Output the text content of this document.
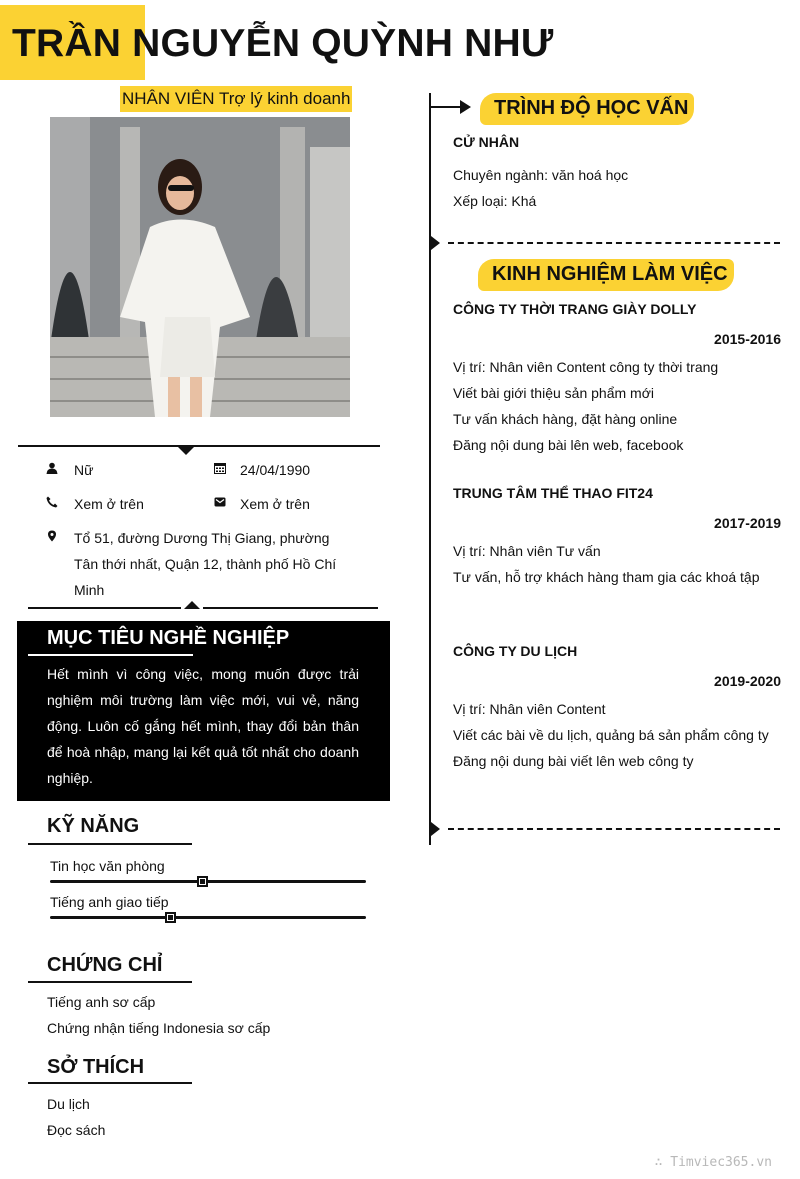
TRẦN NGUYỄN QUỲNH NHƯ
NHÂN VIÊN Trợ lý kinh doanh
Nữ	24/04/1990
Xem ở trên	Xem ở trên
Tổ 51, đường Dương Thị Giang, phường
Tân thới nhất, Quận 12, thành phố Hồ Chí
Minh
MỤC TIÊU NGHỀ NGHIỆP
Hết mình vì công việc, mong muốn được trải nghiệm môi trường làm việc mới, vui vẻ, năng động. Luôn cố gắng hết mình, thay đổi bản thân để hoà nhập, mang lại kết quả tốt nhất cho doanh nghiệp.
KỸ NĂNG
Tin học văn phòng
Tiếng anh giao tiếp
CHỨNG CHỈ
Tiếng anh sơ cấp
Chứng nhận tiếng Indonesia sơ cấp
SỞ THÍCH
Du lịch
Đọc sách
TRÌNH ĐỘ HỌC VẤN
CỬ NHÂN
Chuyên ngành: văn hoá học
Xếp loại: Khá
KINH NGHIỆM LÀM VIỆC
CÔNG TY THỜI TRANG GIÀY DOLLY
2015-2016
Vị trí: Nhân viên Content công ty thời trang
Viết bài giới thiệu sản phẩm mới
Tư vấn khách hàng, đặt hàng online
Đăng nội dung bài lên web, facebook
TRUNG TÂM THỂ THAO FIT24
2017-2019
Vị trí: Nhân viên Tư vấn
Tư vấn, hỗ trợ khách hàng tham gia các khoá tập
CÔNG TY DU LỊCH
2019-2020
Vị trí: Nhân viên Content
Viết các bài về du lịch, quảng bá sản phẩm công ty
Đăng nội dung bài viết lên web công ty
∴ Timviec365.vn
